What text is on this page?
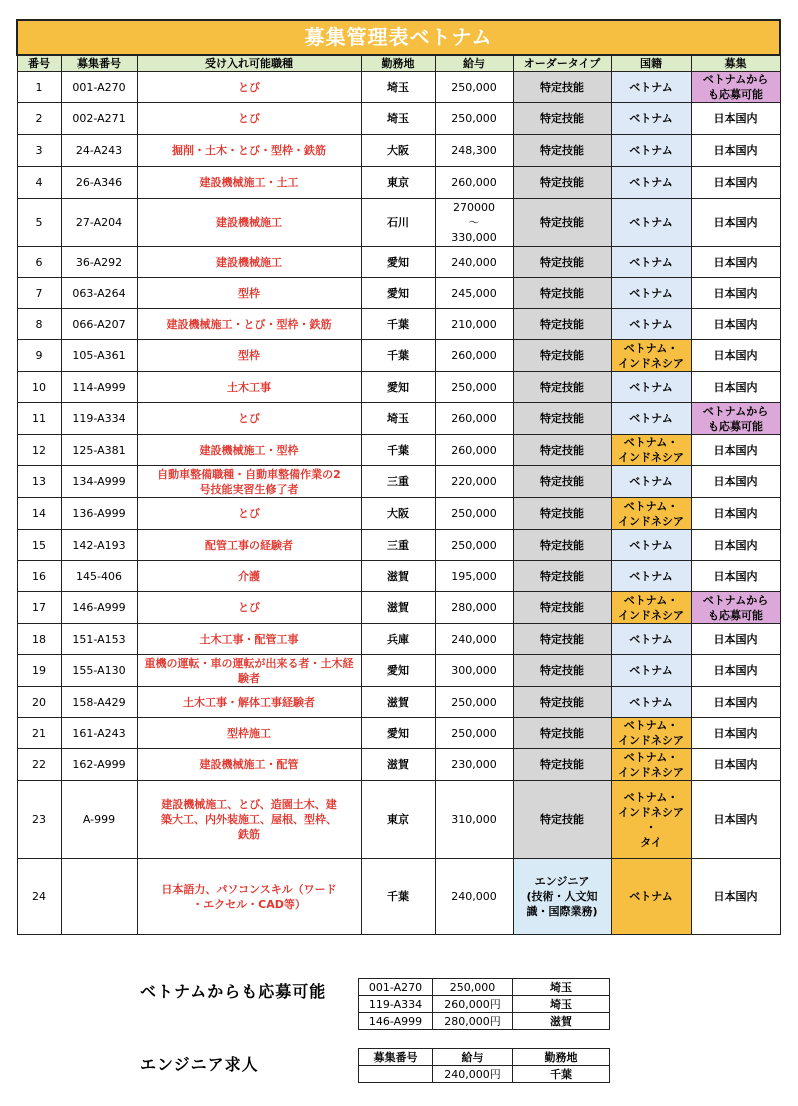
募集管理表ベトナム							
番号	募集番号	受け入れ可能職種	勤務地	給与	オーダータイプ	国籍	募集
1	001-A270	とび	埼玉	250,000	特定技能	ベトナム	ベトナムから
も応募可能
2	002-A271	とび	埼玉	250,000	特定技能	ベトナム	日本国内
3	24-A243	掘削・土木・とび・型枠・鉄筋	大阪	248,300	特定技能	ベトナム	日本国内
4	26-A346	建設機械施工・土工	東京	260,000	特定技能	ベトナム	日本国内
5	27-A204	建設機械施工	石川	270000
〜
330,000	特定技能	ベトナム	日本国内
6	36-A292	建設機械施工	愛知	240,000	特定技能	ベトナム	日本国内
7	063-A264	型枠	愛知	245,000	特定技能	ベトナム	日本国内
8	066-A207	建設機械施工・とび・型枠・鉄筋	千葉	210,000	特定技能	ベトナム	日本国内
9	105-A361	型枠	千葉	260,000	特定技能	ベトナム・
インドネシア	日本国内
10	114-A999	土木工事	愛知	250,000	特定技能	ベトナム	日本国内
11	119-A334	とび	埼玉	260,000	特定技能	ベトナム	ベトナムから
も応募可能
12	125-A381	建設機械施工・型枠	千葉	260,000	特定技能	ベトナム・
インドネシア	日本国内
13	134-A999	自動車整備職種・自動車整備作業の2
号技能実習生修了者	三重	220,000	特定技能	ベトナム	日本国内
14	136-A999	とび	大阪	250,000	特定技能	ベトナム・
インドネシア	日本国内
15	142-A193	配管工事の経験者	三重	250,000	特定技能	ベトナム	日本国内
16	145-406	介護	滋賀	195,000	特定技能	ベトナム	日本国内
17	146-A999	とび	滋賀	280,000	特定技能	ベトナム・
インドネシア	ベトナムから
も応募可能
18	151-A153	土木工事・配管工事	兵庫	240,000	特定技能	ベトナム	日本国内
19	155-A130	重機の運転・車の運転が出来る者・土木経験者	愛知	300,000	特定技能	ベトナム	日本国内
20	158-A429	土木工事・解体工事経験者	滋賀	250,000	特定技能	ベトナム	日本国内
21	161-A243	型枠施工	愛知	250,000	特定技能	ベトナム・
インドネシア	日本国内
22	162-A999	建設機械施工・配管	滋賀	230,000	特定技能	ベトナム・
インドネシア	日本国内
23	A-999	建設機械施工、とび、造園土木、建
築大工、内外装施工、屋根、型枠、
鉄筋	東京	310,000	特定技能	ベトナム・
インドネシア
・
タイ	日本国内
24		日本語力、パソコンスキル（ワード
・エクセル・CAD等）	千葉	240,000	エンジニア
(技術・人文知
識・国際業務)	ベトナム	日本国内
ベトナムからも応募可能	001-A270	250,000	埼玉
119-A334	260,000円	埼玉
146-A999	280,000円	滋賀
エンジニア求人	募集番号	給与	勤務地
	240,000円	千葉
